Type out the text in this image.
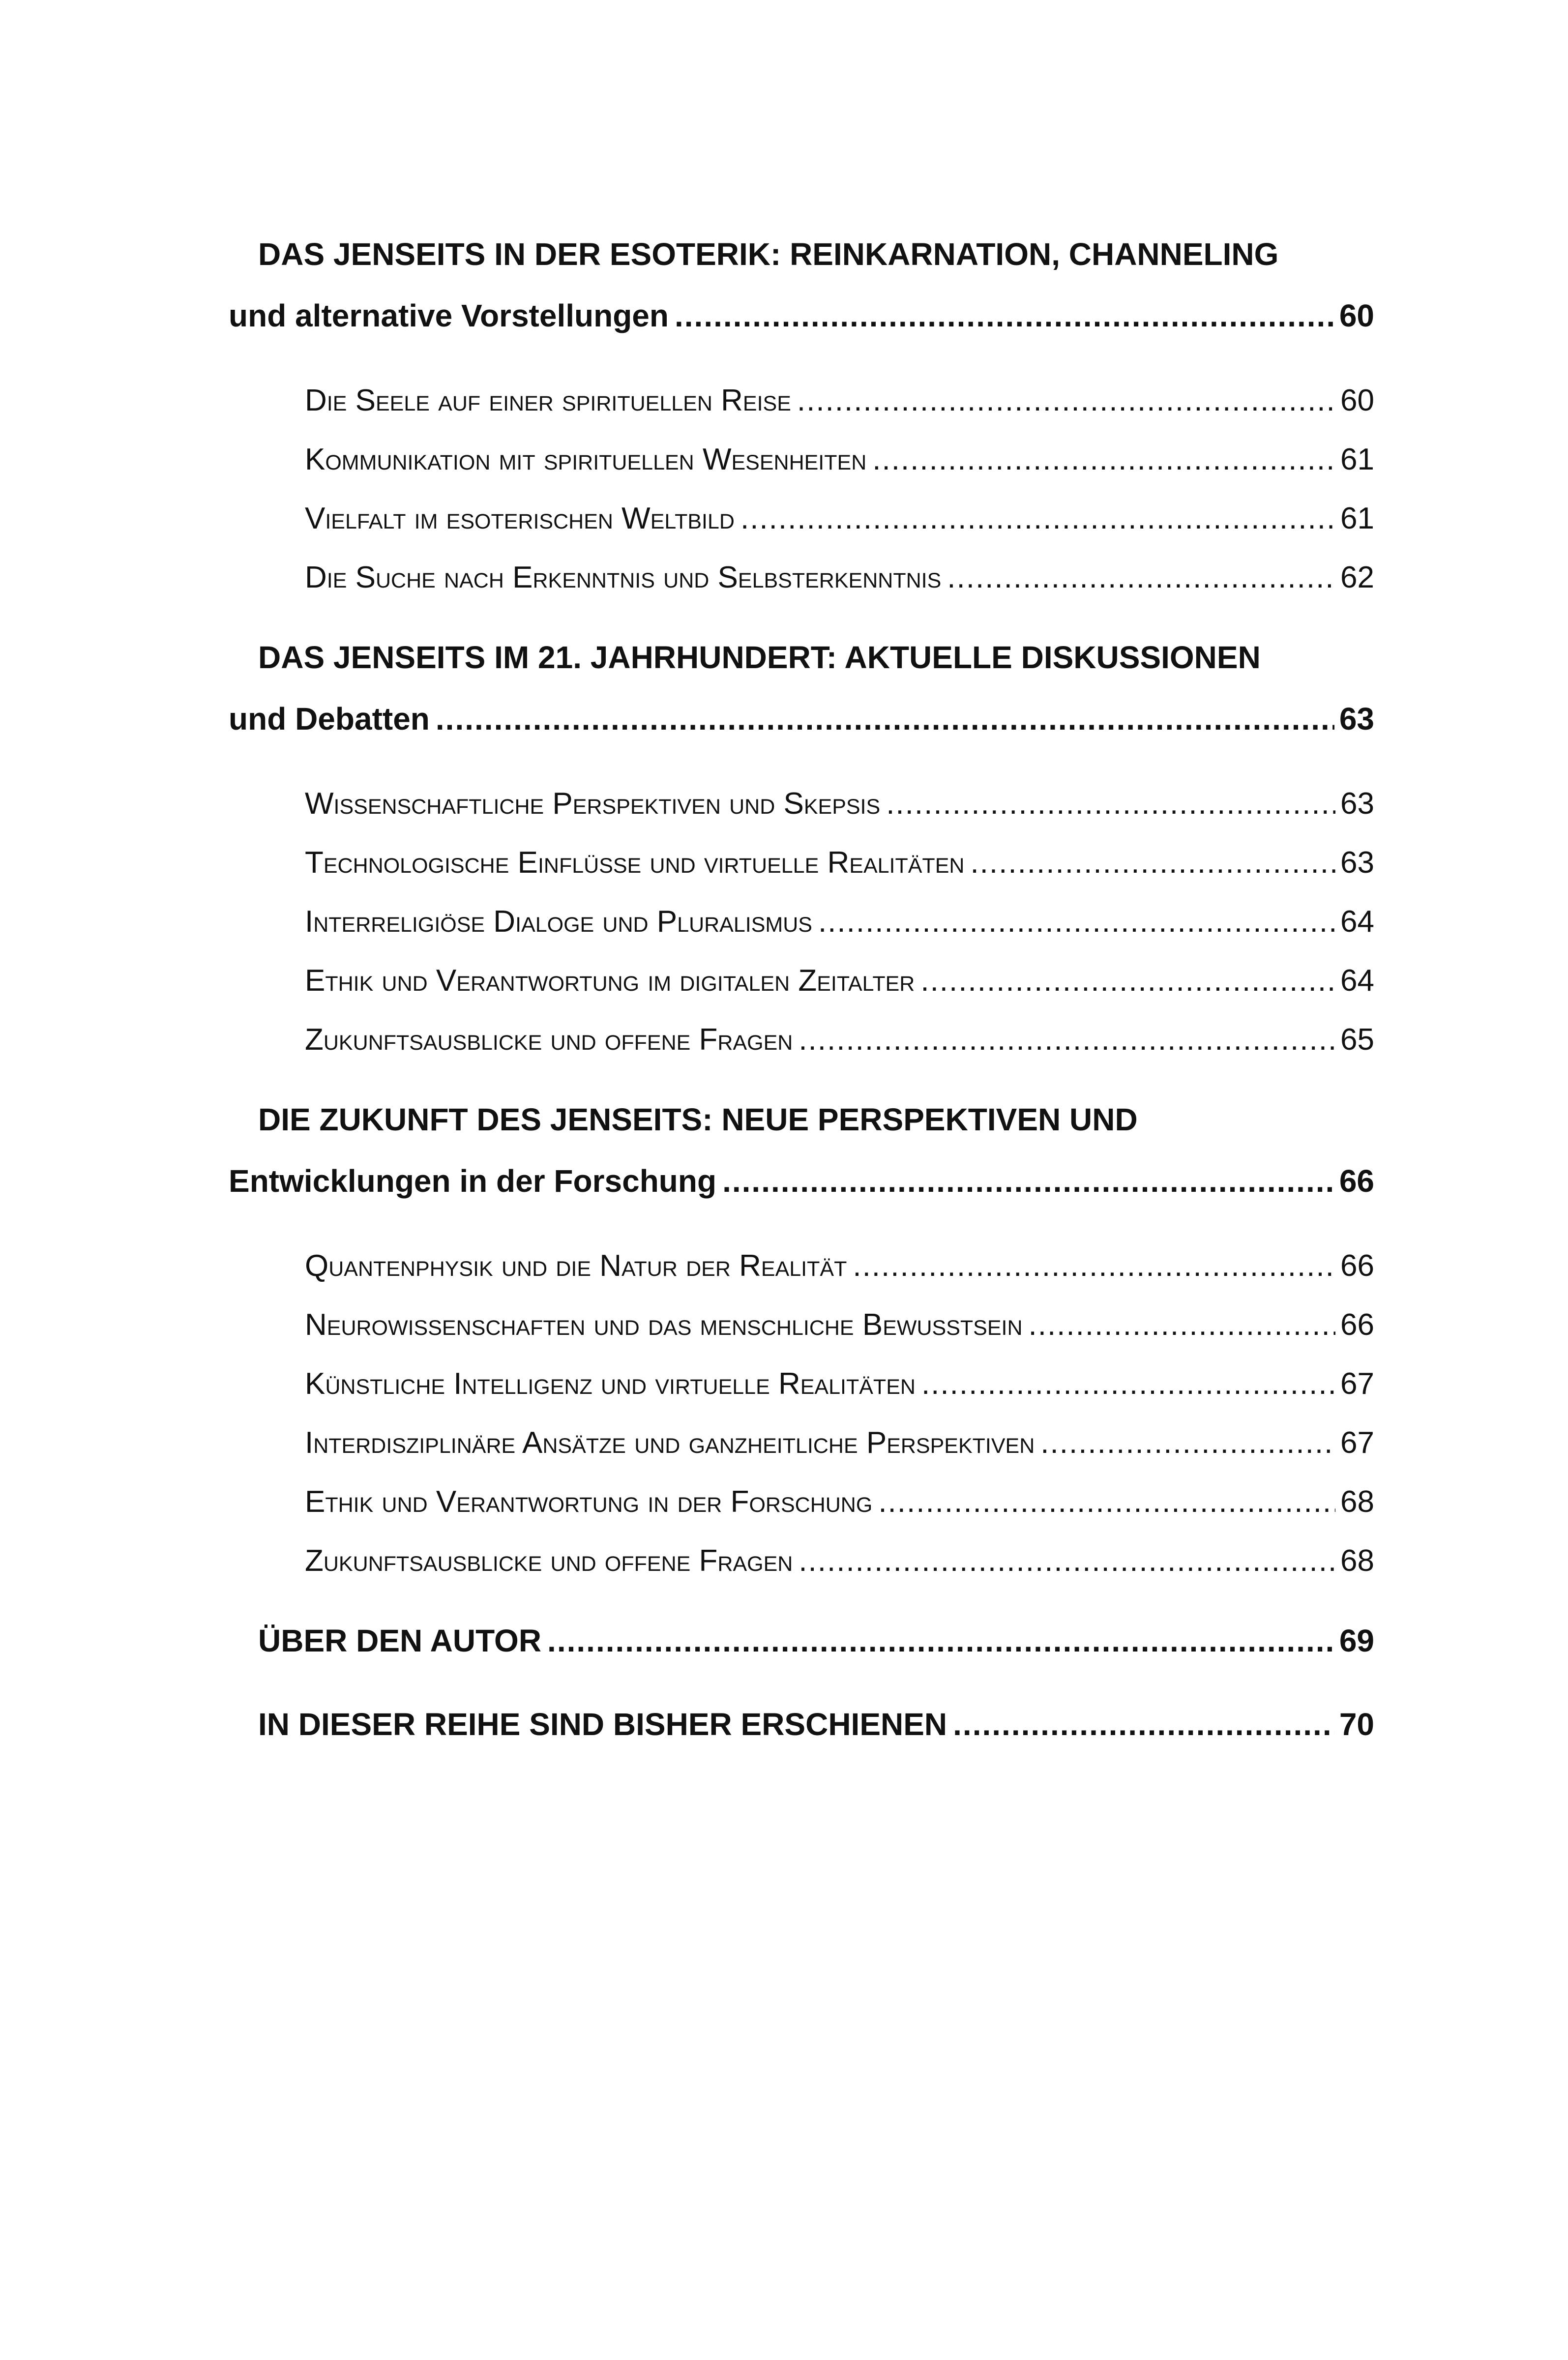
DAS JENSEITS IN DER ESOTERIK: REINKARNATION, CHANNELING
und alternative Vorstellungen .....	60
Die Seele auf einer spirituellen Reise .....	60
Kommunikation mit spirituellen Wesenheiten .....	61
Vielfalt im esoterischen Weltbild .....	61
Die Suche nach Erkenntnis und Selbsterkenntnis .....	62
DAS JENSEITS IM 21. JAHRHUNDERT: AKTUELLE DISKUSSIONEN
und Debatten .....	63
Wissenschaftliche Perspektiven und Skepsis .....	63
Technologische Einflüsse und virtuelle Realitäten .....	63
Interreligiöse Dialoge und Pluralismus .....	64
Ethik und Verantwortung im digitalen Zeitalter .....	64
Zukunftsausblicke und offene Fragen .....	65
DIE ZUKUNFT DES JENSEITS: NEUE PERSPEKTIVEN UND
Entwicklungen in der Forschung .....	66
Quantenphysik und die Natur der Realität .....	66
Neurowissenschaften und das menschliche Bewusstsein .....	66
Künstliche Intelligenz und virtuelle Realitäten .....	67
Interdisziplinäre Ansätze und ganzheitliche Perspektiven .....	67
Ethik und Verantwortung in der Forschung .....	68
Zukunftsausblicke und offene Fragen .....	68
ÜBER DEN AUTOR .....	69
IN DIESER REIHE SIND BISHER ERSCHIENEN .....	70
